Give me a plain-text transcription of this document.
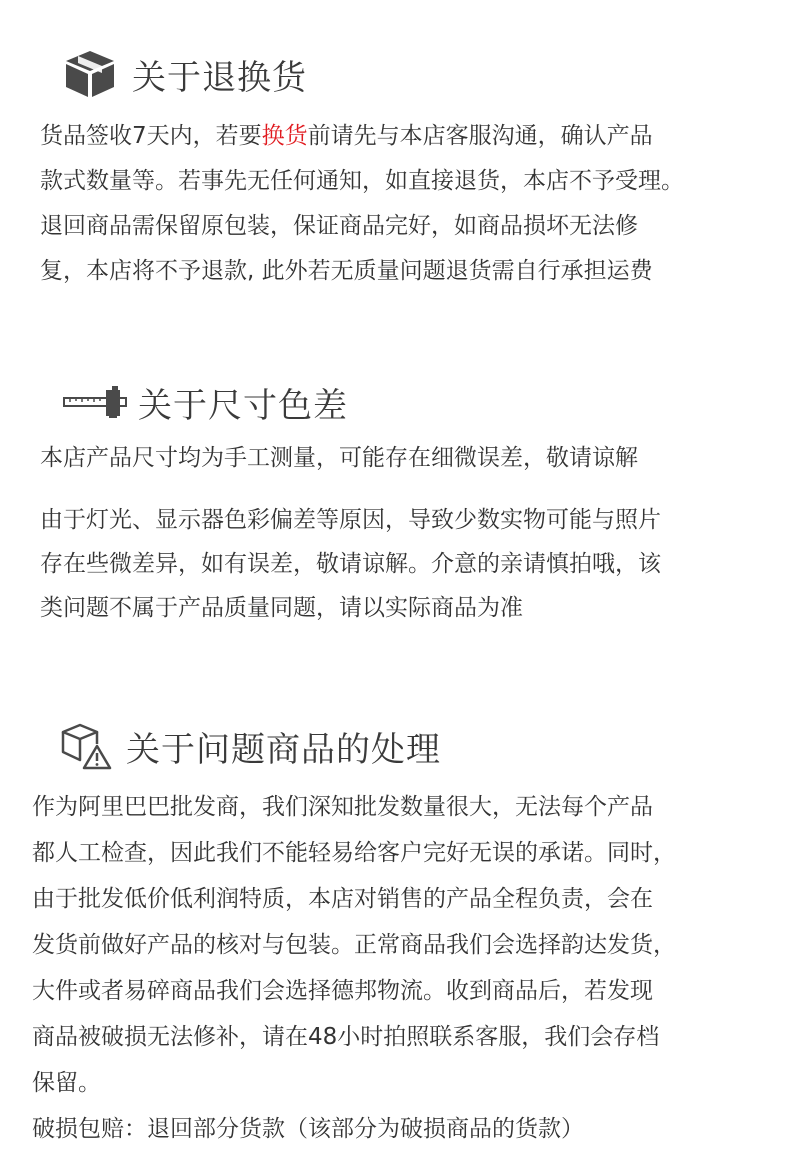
关于退换货
货品签收7天内，若要换货前请先与本店客服沟通，确认产品
款式数量等。若事先无任何通知，如直接退货，本店不予受理。
退回商品需保留原包装，保证商品完好，如商品损坏无法修
复，本店将不予退款, 此外若无质量问题退货需自行承担运费
关于尺寸色差
本店产品尺寸均为手工测量，可能存在细微误差，敬请谅解
由于灯光、显示器色彩偏差等原因，导致少数实物可能与照片
存在些微差异，如有误差，敬请谅解。介意的亲请慎拍哦，该
类问题不属于产品质量同题，请以实际商品为准
关于问题商品的处理
作为阿里巴巴批发商，我们深知批发数量很大，无法每个产品
都人工检查，因此我们不能轻易给客户完好无误的承诺。同时，
由于批发低价低利润特质，本店对销售的产品全程负责，会在
发货前做好产品的核对与包装。正常商品我们会选择韵达发货，
大件或者易碎商品我们会选择德邦物流。收到商品后，若发现
商品被破损无法修补，请在48小时拍照联系客服，我们会存档
保留。
破损包赔：退回部分货款（该部分为破损商品的货款）
